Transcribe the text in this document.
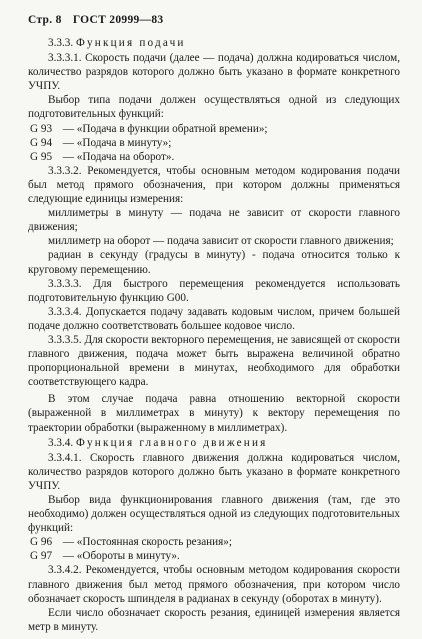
Стр. 8 ГОСТ 20999—83

3.3.3. Функция подачи

3.3.3.1. Скорость подачи (далее — подача) должна кодироваться числом, количество разрядов которого должно быть указано в формате конкретного УЧПУ.

Выбор типа подачи должен осуществляться одной из следующих подготовительных функций:

G 93 — «Подача в функции обратной времени»;

G 94 — «Подача в минуту»;

G 95 — «Подача на оборот».

3.3.3.2. Рекомендуется, чтобы основным методом кодирования подачи был метод прямого обозначения, при котором должны применяться следующие единицы измерения:

миллиметры в минуту — подача не зависит от скорости главного движения;

миллиметр на оборот — подача зависит от скорости главного движения;

радиан в секунду (градусы в минуту) - подача относится только к круговому перемещению.

3.3.3.3. Для быстрого перемещения рекомендуется использовать подготовительную функцию G00.

3.3.3.4. Допускается подачу задавать кодовым числом, причем большей подаче должно соответствовать большее кодовое число.

3.3.3.5. Для скорости векторного перемещения, не зависящей от скорости главного движения, подача может быть выражена величиной обратно пропорциональной времени в минутах, необходимого для обработки соответствующего кадра.

В этом случае подача равна отношению векторной скорости (выраженной в миллиметрах в минуту) к вектору перемещения по траектории обработки (выраженному в миллиметрах).

3.3.4. Функция главного движения

3.3.4.1. Скорость главного движения должна кодироваться числом, количество разрядов которого должно быть указано в формате конкретного УЧПУ.

Выбор вида функционирования главного движения (там, где это необходимо) должен осуществляться одной из следующих подготовительных функций:

G 96 — «Постоянная скорость резания»;

G 97 — «Обороты в минуту».

3.3.4.2. Рекомендуется, чтобы основным методом кодирования скорости главного движения был метод прямого обозначения, при котором число обозначает скорость шпинделя в радианах в секунду (оборотах в минуту).

Если число обозначает скорость резания, единицей измерения является метр в минуту.
